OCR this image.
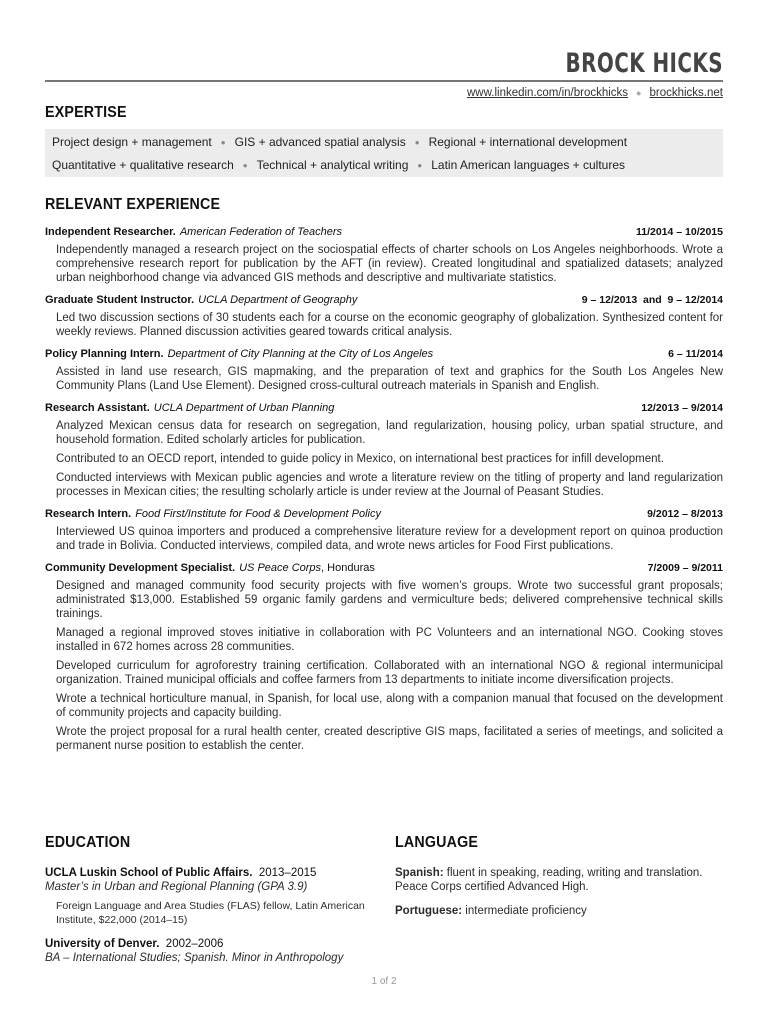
BROCK HICKS
www.linkedin.com/in/brockhicks ● brockhicks.net
EXPERTISE
Project design + management ● GIS + advanced spatial analysis ● Regional + international development
Quantitative + qualitative research ● Technical + analytical writing ● Latin American languages + cultures
RELEVANT EXPERIENCE
Independent Researcher. American Federation of Teachers	11/2014 – 10/2015

Independently managed a research project on the sociospatial effects of charter schools on Los Angeles neighborhoods. Wrote a comprehensive research report for publication by the AFT (in review). Created longitudinal and spatialized datasets; analyzed urban neighborhood change via advanced GIS methods and descriptive and multivariate statistics.

Graduate Student Instructor. UCLA Department of Geography	9 – 12/2013  and  9 – 12/2014

Led two discussion sections of 30 students each for a course on the economic geography of globalization. Synthesized content for weekly reviews. Planned discussion activities geared towards critical analysis.

Policy Planning Intern. Department of City Planning at the City of Los Angeles	6 – 11/2014

Assisted in land use research, GIS mapmaking, and the preparation of text and graphics for the South Los Angeles New Community Plans (Land Use Element). Designed cross-cultural outreach materials in Spanish and English.

Research Assistant. UCLA Department of Urban Planning	12/2013 – 9/2014

Analyzed Mexican census data for research on segregation, land regularization, housing policy, urban spatial structure, and household formation. Edited scholarly articles for publication.

Contributed to an OECD report, intended to guide policy in Mexico, on international best practices for infill development.

Conducted interviews with Mexican public agencies and wrote a literature review on the titling of property and land regularization processes in Mexican cities; the resulting scholarly article is under review at the Journal of Peasant Studies.

Research Intern. Food First/Institute for Food & Development Policy	9/2012 – 8/2013

Interviewed US quinoa importers and produced a comprehensive literature review for a development report on quinoa production and trade in Bolivia. Conducted interviews, compiled data, and wrote news articles for Food First publications.

Community Development Specialist. US Peace Corps, Honduras	7/2009 – 9/2011

Designed and managed community food security projects with five women’s groups. Wrote two successful grant proposals; administrated $13,000. Established 59 organic family gardens and vermiculture beds; delivered comprehensive technical skills trainings.

Managed a regional improved stoves initiative in collaboration with PC Volunteers and an international NGO. Cooking stoves installed in 672 homes across 28 communities.

Developed curriculum for agroforestry training certification. Collaborated with an international NGO & regional intermunicipal organization. Trained municipal officials and coffee farmers from 13 departments to initiate income diversification projects.

Wrote a technical horticulture manual, in Spanish, for local use, along with a companion manual that focused on the development of community projects and capacity building.

Wrote the project proposal for a rural health center, created descriptive GIS maps, facilitated a series of meetings, and solicited a permanent nurse position to establish the center.

EDUCATION
UCLA Luskin School of Public Affairs. 2013–2015
Master’s in Urban and Regional Planning (GPA 3.9)
Foreign Language and Area Studies (FLAS) fellow, Latin American Institute, $22,000 (2014–15)
University of Denver. 2002–2006
BA – International Studies; Spanish. Minor in Anthropology
LANGUAGE
Spanish: fluent in speaking, reading, writing and translation. Peace Corps certified Advanced High.
Portuguese: intermediate proficiency
1 of 2
